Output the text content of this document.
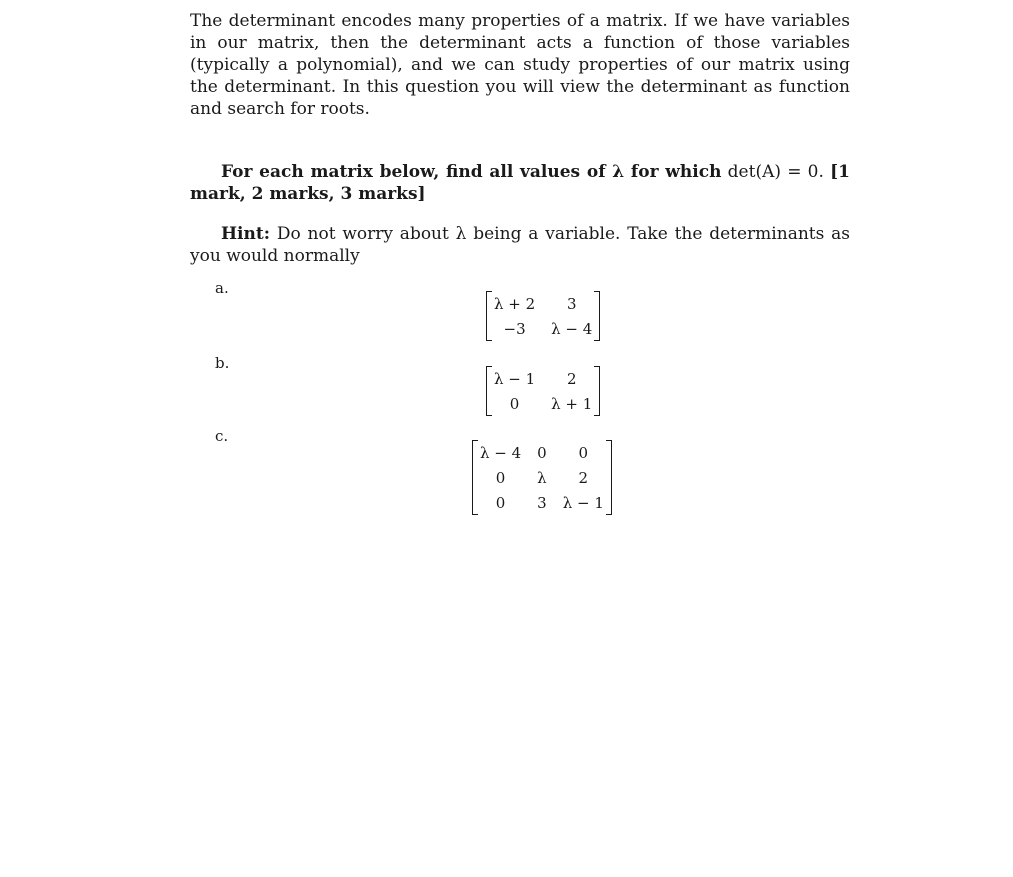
The determinant encodes many properties of a matrix. If we have variables in our matrix, then the determinant acts a function of those variables (typically a polynomial), and we can study properties of our matrix using the determinant. In this question you will view the determinant as function and search for roots.

For each matrix below, find all values of λ for which det(A) = 0. [1 mark, 2 marks, 3 marks]

Hint: Do not worry about λ being a variable. Take the determinants as you would normally

a.
λ + 2	3
−3	λ − 4
b.
λ − 1	2
0	λ + 1
c.
λ − 4	0	0
0	λ	2
0	3	λ − 1
